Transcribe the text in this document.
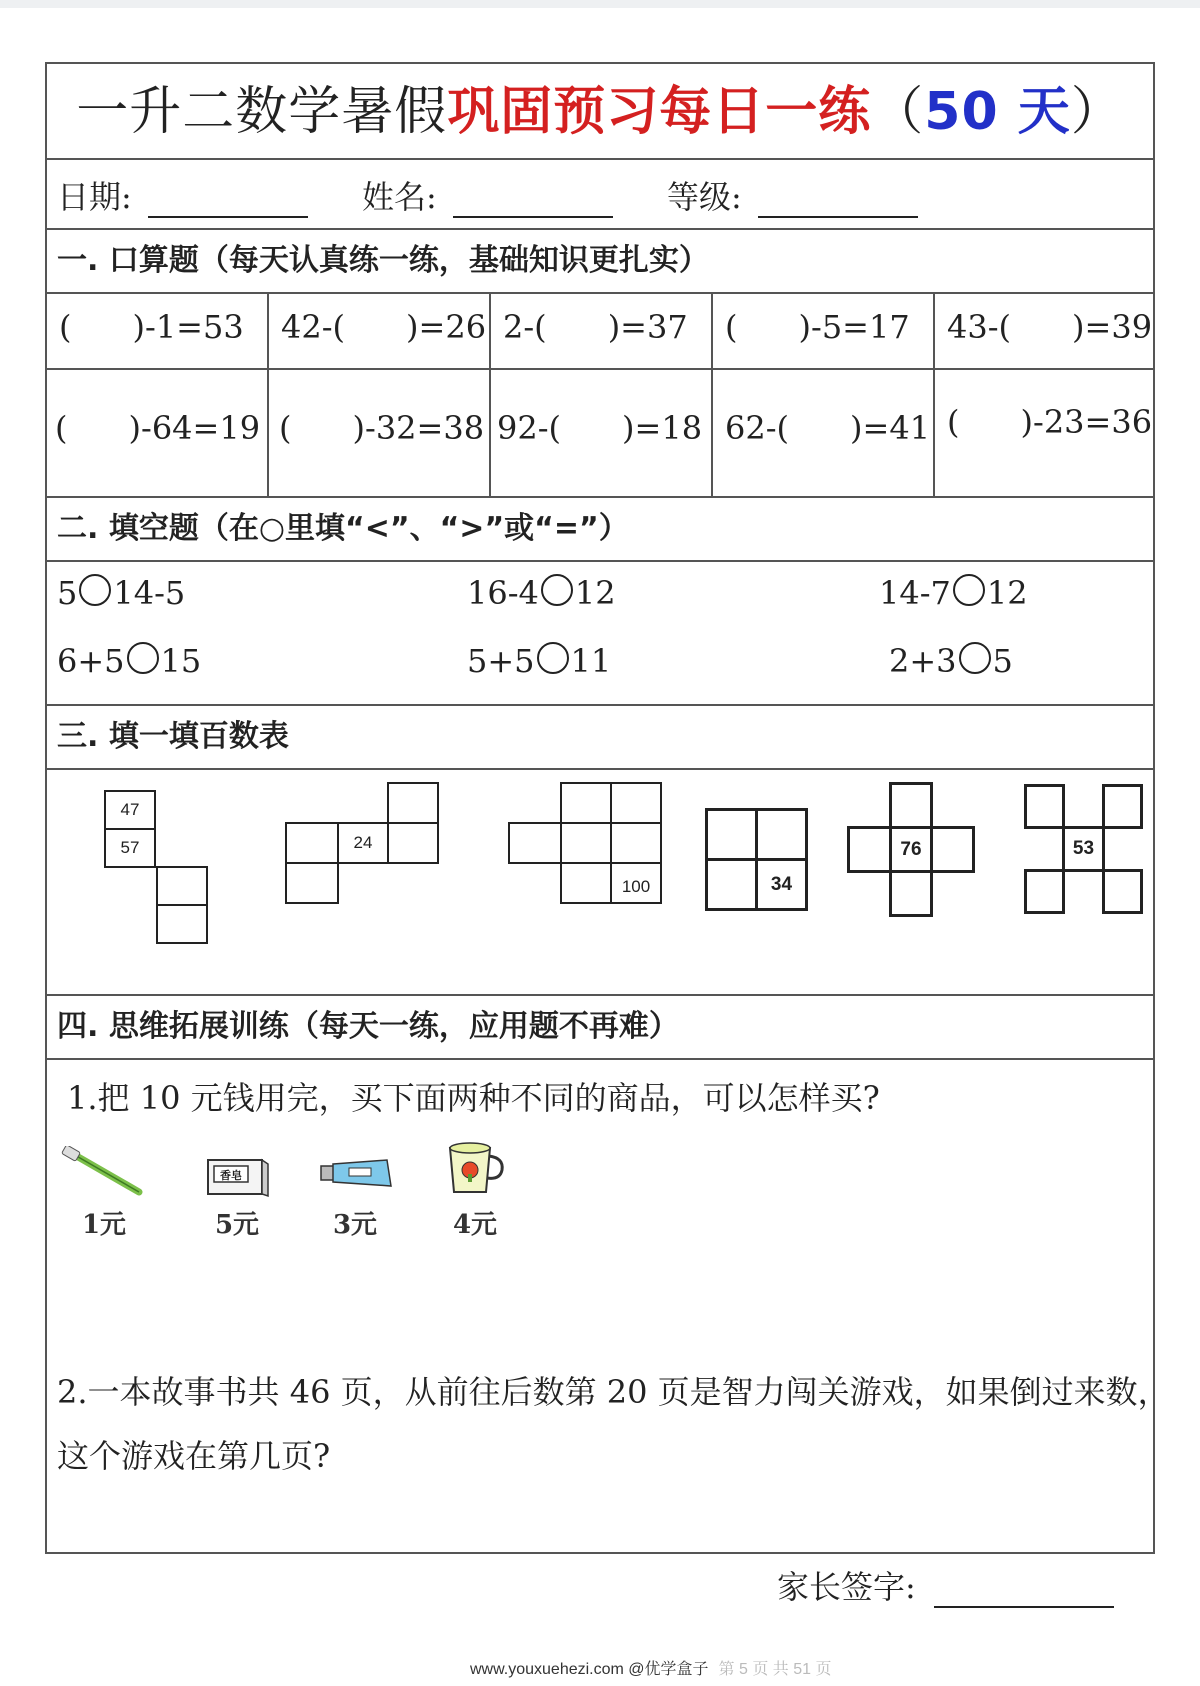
一升二数学暑假巩固预习每日一练（50 天）
日期:	姓名:	等级:
一. 口算题（每天认真练一练，基础知识更扎实）
(      )-1=53	42-(      )=26 2-(      )=37	(      )-5=17	43-(      )=39
(      )-64=19 (      )-32=38 92-(      )=18 62-(      )=41 (      )-23=36
二. 填空题（在○里填“<”、“>”或“=”）
5 14-5	16-4 12	14-7 12
6+5 15	5+5 11	2+3 5
三. 填一填百数表
47
57	24
100	34
76	53
四. 思维拓展训练（每天一练，应用题不再难）
1.把 10 元钱用完，买下面两种不同的商品，可以怎样买?
1元
香皂
5元	3元	4元
2.一本故事书共 46 页，从前往后数第 20 页是智力闯关游戏，如果倒过来数，
这个游戏在第几页?
家长签字:
www.youxuehezi.com @优学盒子 第 5 页 共 51 页
